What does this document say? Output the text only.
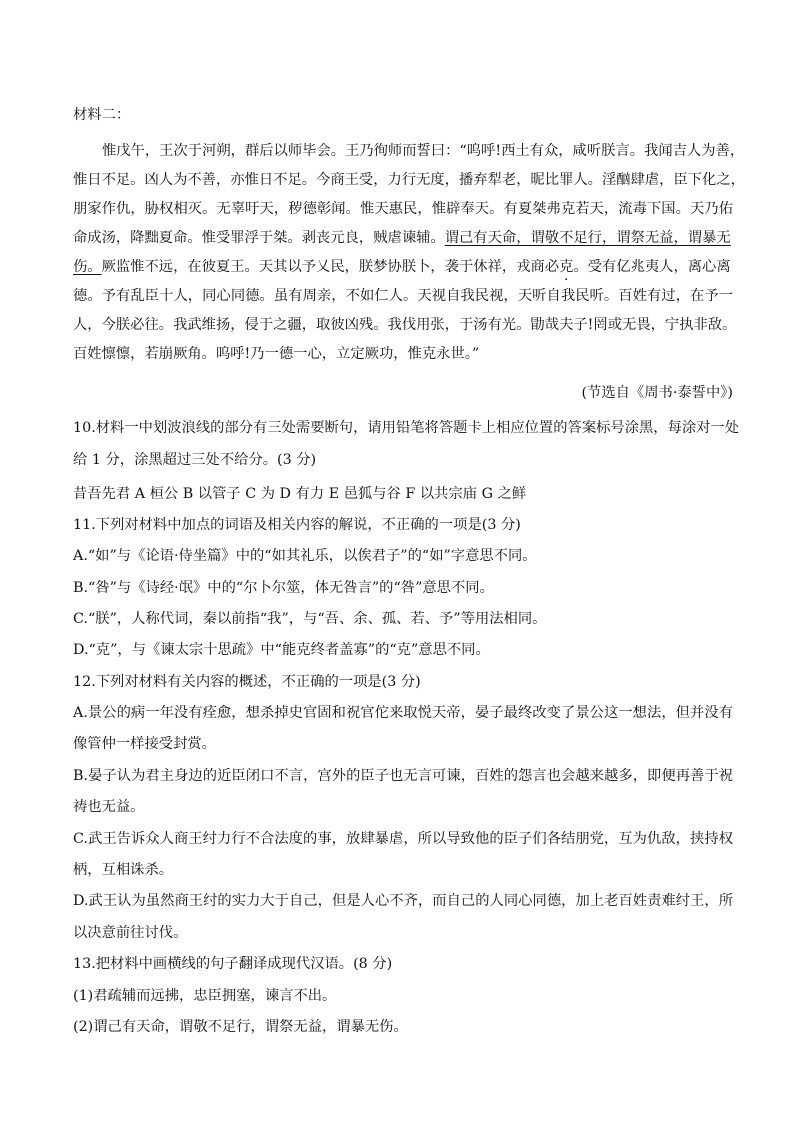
材料二：
惟戊午，王次于河朔，群后以师毕会。王乃徇师而誓曰：“呜呼!西土有众，咸听朕言。我闻吉人为善，
惟日不足。凶人为不善，亦惟日不足。今商王受，力行无度，播弃犁老，昵比罪人。淫酗肆虐，臣下化之，
朋家作仇，胁权相灭。无辜吁天，秽德彰闻。惟天惠民，惟辟奉天。有夏桀弗克若天，流毒下国。天乃佑
命成汤，降黜夏命。惟受罪浮于桀。剥丧元良，贼虐谏辅。谓己有天命，谓敬不足行，谓祭无益，谓暴无
伤。厥监惟不远，在彼夏王。天其以予乂民，朕梦协朕卜，袭于休祥，戎商必克。受有亿兆夷人，离心离
德。予有乱臣十人，同心同德。虽有周亲，不如仁人。天视自我民视，天听自我民听。百姓有过，在予一
人，今朕必往。我武维扬，侵于之疆，取彼凶残。我伐用张，于汤有光。勖哉夫子!罔或无畏，宁执非敌。
百姓懔懔，若崩厥角。呜呼!乃一德一心，立定厥功，惟克永世。”
(节选自《周书·泰誓中》)
10.材料一中划波浪线的部分有三处需要断句，请用铅笔将答题卡上相应位置的答案标号涂黑，每涂对一处
给 1 分，涂黑超过三处不给分。(3 分)
昔吾先君 A 桓公 B 以管子 C 为 D 有力 E 邑狐与谷 F 以共宗庙 G 之鲜
11.下列对材料中加点的词语及相关内容的解说，不正确的一项是(3 分)
A.“如”与《论语·侍坐篇》中的“如其礼乐，以俟君子”的“如”字意思不同。
B.“咎”与《诗经·氓》中的“尔卜尔筮，体无咎言”的“咎”意思不同。
C.“朕”，人称代词，秦以前指“我”，与“吾、余、孤、若、予”等用法相同。
D.“克”，与《谏太宗十思疏》中“能克终者盖寡”的“克”意思不同。
12.下列对材料有关内容的概述，不正确的一项是(3 分)
A.景公的病一年没有痊愈，想杀掉史官固和祝官佗来取悦天帝，晏子最终改变了景公这一想法，但并没有
像管仲一样接受封赏。
B.晏子认为君主身边的近臣闭口不言，宫外的臣子也无言可谏，百姓的怨言也会越来越多，即便再善于祝
祷也无益。
C.武王告诉众人商王纣力行不合法度的事，放肆暴虐，所以导致他的臣子们各结朋党，互为仇敌，挟持权
柄，互相诛杀。
D.武王认为虽然商王纣的实力大于自己，但是人心不齐，而自己的人同心同德，加上老百姓责难纣王，所
以决意前往讨伐。
13.把材料中画横线的句子翻译成现代汉语。(8 分)
(1)君疏辅而远拂，忠臣拥塞，谏言不出。
(2)谓己有天命，谓敬不足行，谓祭无益，谓暴无伤。
